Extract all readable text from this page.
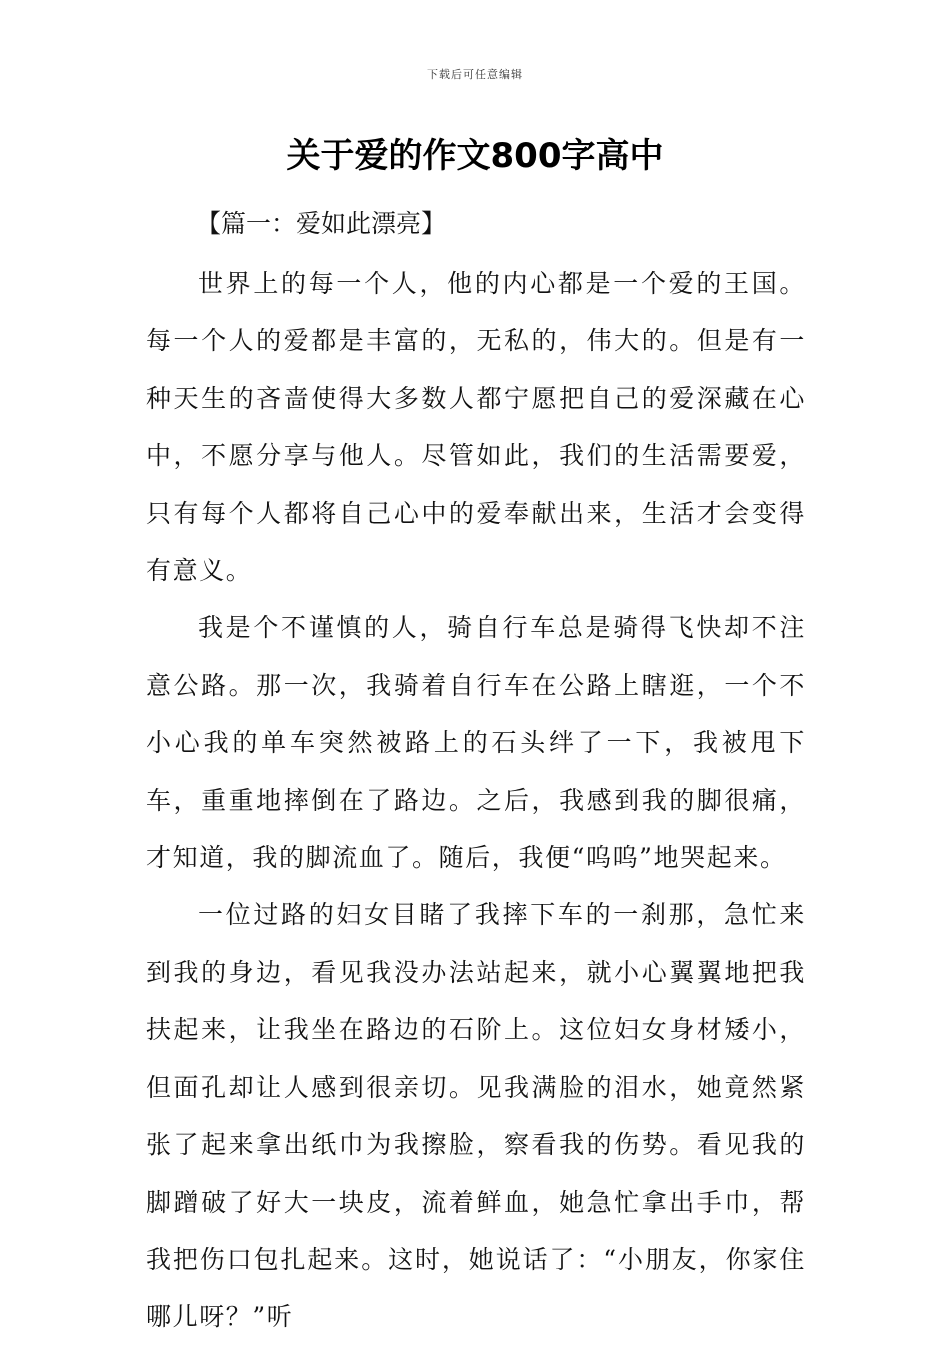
下载后可任意编辑
关于爱的作文800字高中

【篇一：爱如此漂亮】

世界上的每一个人，他的内心都是一个爱的王国。每一个人的爱都是丰富的，无私的，伟大的。但是有一种天生的吝啬使得大多数人都宁愿把自己的爱深藏在心中，不愿分享与他人。尽管如此，我们的生活需要爱，只有每个人都将自己心中的爱奉献出来，生活才会变得有意义。

我是个不谨慎的人，骑自行车总是骑得飞快却不注意公路。那一次，我骑着自行车在公路上瞎逛，一个不小心我的单车突然被路上的石头绊了一下，我被甩下车，重重地摔倒在了路边。之后，我感到我的脚很痛，才知道，我的脚流血了。随后，我便“呜呜”地哭起来。

一位过路的妇女目睹了我摔下车的一刹那，急忙来到我的身边，看见我没办法站起来，就小心翼翼地把我扶起来，让我坐在路边的石阶上。这位妇女身材矮小，但面孔却让人感到很亲切。见我满脸的泪水，她竟然紧张了起来拿出纸巾为我擦脸，察看我的伤势。看见我的脚蹭破了好大一块皮，流着鲜血，她急忙拿出手巾，帮我把伤口包扎起来。这时，她说话了：“小朋友，你家住哪儿呀？”听
